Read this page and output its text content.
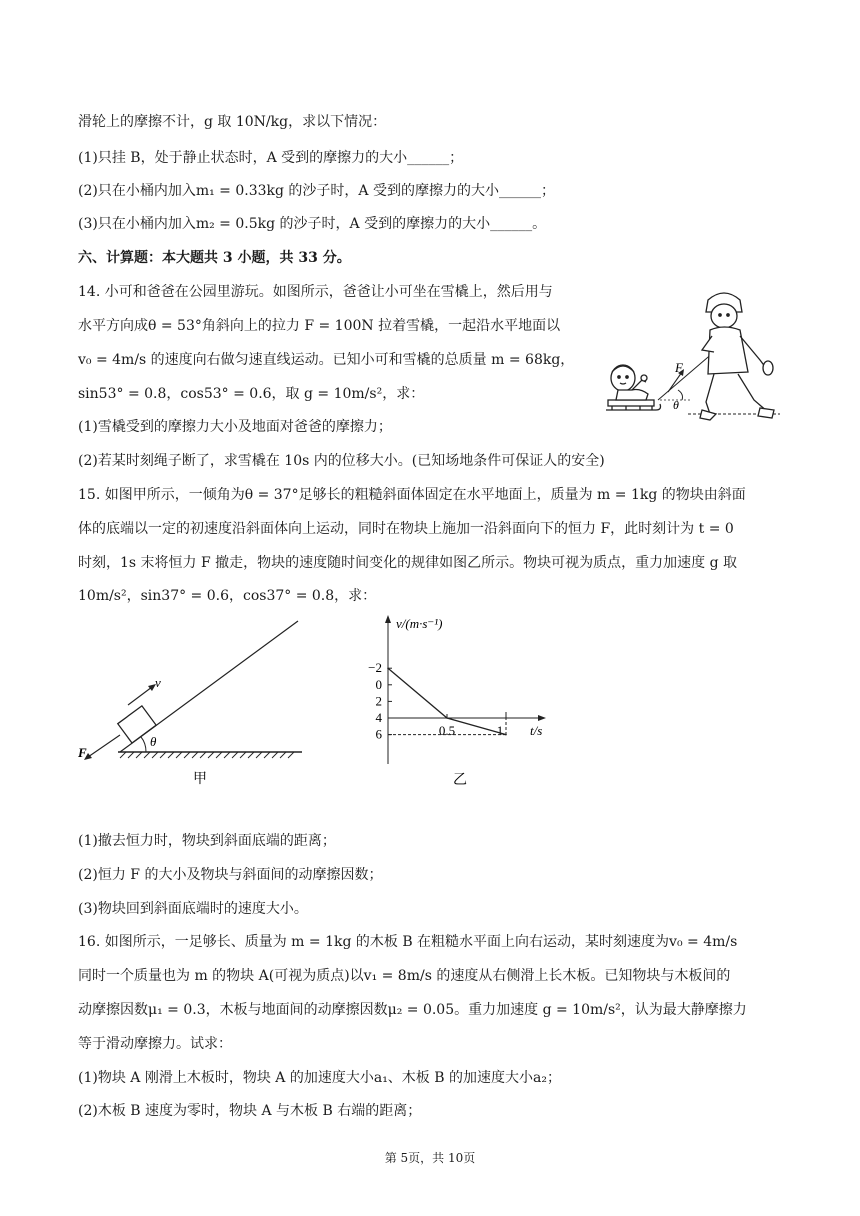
滑轮上的摩擦不计，g 取 10N/kg，求以下情况：
(1)只挂 B，处于静止状态时，A 受到的摩擦力的大小______；
(2)只在小桶内加入m₁ = 0.33kg 的沙子时，A 受到的摩擦力的大小______；
(3)只在小桶内加入m₂ = 0.5kg 的沙子时，A 受到的摩擦力的大小______。
六、计算题：本大题共 3 小题，共 33 分。
14. 小可和爸爸在公园里游玩。如图所示，爸爸让小可坐在雪橇上，然后用与
水平方向成θ = 53°角斜向上的拉力 F = 100N 拉着雪橇，一起沿水平地面以
v₀ = 4m/s 的速度向右做匀速直线运动。已知小可和雪橇的总质量 m = 68kg，
sin53° = 0.8，cos53° = 0.6，取 g = 10m/s²，求：
(1)雪橇受到的摩擦力大小及地面对爸爸的摩擦力；
(2)若某时刻绳子断了，求雪橇在 10s 内的位移大小。(已知场地条件可保证人的安全)
F
θ
15. 如图甲所示，一倾角为θ = 37°足够长的粗糙斜面体固定在水平地面上，质量为 m = 1kg 的物块由斜面
体的底端以一定的初速度沿斜面体向上运动，同时在物块上施加一沿斜面向下的恒力 F，此时刻计为 t = 0
时刻，1s 末将恒力 F 撤走，物块的速度随时间变化的规律如图乙所示。物块可视为质点，重力加速度 g 取
10m/s²，sin37° = 0.6，cos37° = 0.8，求：
θ
v
F
甲
v/(m·s⁻¹)
t/s
乙
6
4
2
0
−2
0.5	1
(1)撤去恒力时，物块到斜面底端的距离；
(2)恒力 F 的大小及物块与斜面间的动摩擦因数；
(3)物块回到斜面底端时的速度大小。
16. 如图所示，一足够长、质量为 m = 1kg 的木板 B 在粗糙水平面上向右运动，某时刻速度为v₀ = 4m/s
同时一个质量也为 m 的物块 A(可视为质点)以v₁ = 8m/s 的速度从右侧滑上长木板。已知物块与木板间的
动摩擦因数μ₁ = 0.3，木板与地面间的动摩擦因数μ₂ = 0.05。重力加速度 g = 10m/s²，认为最大静摩擦力
等于滑动摩擦力。试求：
(1)物块 A 刚滑上木板时，物块 A 的加速度大小a₁、木板 B 的加速度大小a₂；
(2)木板 B 速度为零时，物块 A 与木板 B 右端的距离；
第 5页，共 10页
